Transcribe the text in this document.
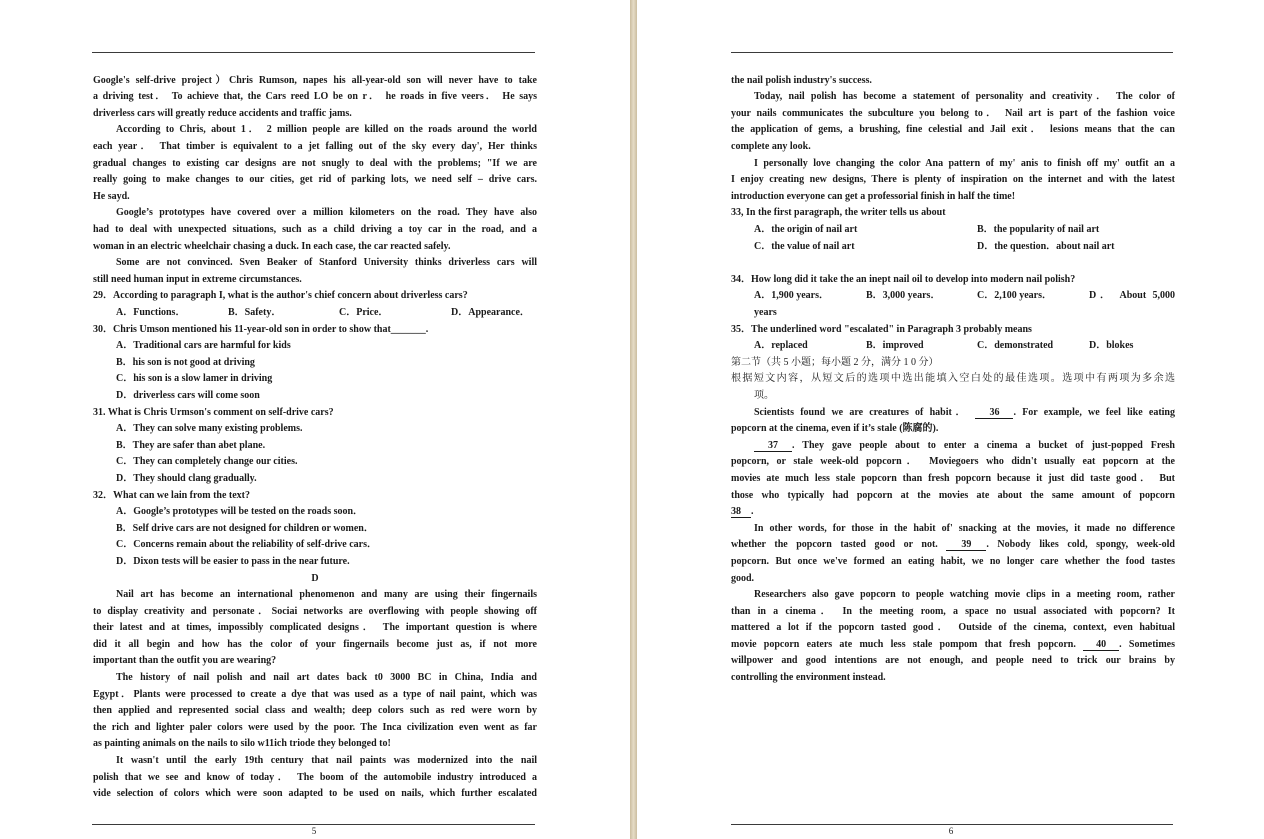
Google's self-drive project）Chris Rumson, napes his all-year-old son will never have to take
a driving test． To achieve that, the Cars reed LO be on r． he roads in five veers． He says
driverless cars will greatly reduce accidents and traffic jams.
According to Chris, about 1． 2 million people are killed on the roads around the world
each year． That timber is equivalent to a jet falling out of the sky every day', Her thinks
gradual changes to existing car designs are not snugly to deal with the problems; "If we are
really going to make changes to our cities, get rid of parking lots, we need self – drive cars.
He sayd.
Google’s prototypes have covered over a million kilometers on the road. They have also
had to deal with unexpected situations, such as a child driving a toy car in the road, and a
woman in an electric wheelchair chasing a duck. In each case, the car reacted safely.
Some are not convinced. Sven Beaker of Stanford University thinks driverless cars will
still need human input in extreme circumstances.
29．According to paragraph I, what is the author's chief concern about driverless cars?
A．Functions．	B．Safety．	C．Price．	D．Appearance．
30．Chris Umson mentioned his 11-year-old son in order to show that_______.
A．Traditional cars are harmful for kids
B．his son is not good at driving
C．his son is a slow lamer in driving
D．driverless cars will come soon
31. What is Chris Urmson's comment on self-drive cars?
A．They can solve many existing problems.
B．They are safer than abet plane.
C．They can completely change our cities.
D．They should clang gradually.
32．What can we lain from the text?
A．Google’s prototypes will be tested on the roads soon．
B．Self drive cars are not designed for children or women．
C．Concerns remain about the reliability of self-drive cars．
D．Dixon tests will be easier to pass in the near future.
D
Nail art has become an international phenomenon and many are using their fingernails
to display creativity and personate．Sociai networks are overflowing with people showing off
their latest and at times, impossibly complicated designs． The important question is where
did it all begin and how has the color of your fingernails become just as, if not more
important than the outfit you are wearing?
The history of nail polish and nail art dates back t0 3000 BC in China, India and
Egypt．Plants were processed to create a dye that was used as a type of nail paint, which was
then applied and represented social class and wealth; deep colors such as red were worn by
the rich and lighter paler colors were used by the poor. The Inca civilization even went as far
as painting animals on the nails to silo w11ich triode they belonged to!
It wasn't until the early 19th century that nail paints was modernized into the nail
polish that we see and know of today． The boom of the automobile industry introduced a
vide selection of colors which were soon adapted to be used on nails, which further escalated
5
the nail polish industry's success.
Today, nail polish has become a statement of personality and creativity． The color of
your nails communicates the subculture you belong to． Nail art is part of the fashion voice
the application of gems, a brushing, fine celestial and Jail exit． lesions means that the can
complete any look.
I personally love changing the color Ana pattern of my' anis to finish off my' outfit an a
I enjoy creating new designs, There is plenty of inspiration on the internet and with the latest
introduction everyone can get a professorial finish in half the time!
33, In the first paragraph, the writer tells us about
A．the origin of nail art	B．the popularity of nail art
C．the value of nail art	D．the question．about nail art
34．How long did it take the an inept nail oil to develop into modern nail polish?
A．1,900 years．	B．3,000 years．	C．2,100 years．	D． About 5,000
years
35．The underlined word "escalated" in Paragraph 3 probably means
A．replaced	B．improved	C．demonstrated	D．blokes
第二节（共 5 小题；每小题 2 分，满分 1 0 分）
根据短文内容，从短文后的选项中选出能填入空白处的最佳选项。选项中有两项为多余选
项。
Scientists found we are creatures of habit． 36 . For example, we feel like eating
popcorn at the cinema, even if it’s stale (陈腐的).
37 . They gave people about to enter a cinema a bucket of just-popped Fresh
popcorn, or stale week-old popcorn． Moviegoers who didn't usually eat popcorn at the
movies ate much less stale popcorn than fresh popcorn because it just did taste good． But
those who typically had popcorn at the movies ate about the same amount of popcorn
38 .
In other words, for those in the habit of' snacking at the movies, it made no difference
whether the popcorn tasted good or not. 39 . Nobody likes cold, spongy, week-old
popcorn. But once we've formed an eating habit, we no longer care whether the food tastes
good.
Researchers also gave popcorn to people watching movie clips in a meeting room, rather
than in a cinema． In the meeting room, a space no usual associated with popcorn? It
mattered a lot if the popcorn tasted good． Outside of the cinema, context, even habitual
movie popcorn eaters ate much less stale pompom that fresh popcorn. 40 . Sometimes
willpower and good intentions are not enough, and people need to trick our brains by
controlling the environment instead.
6
